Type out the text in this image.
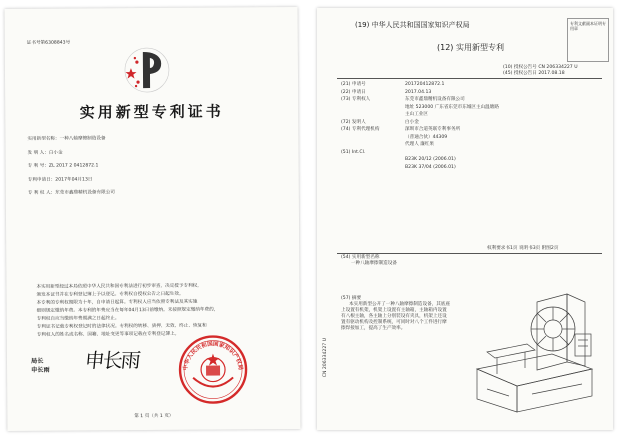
证书号第6308843号
实用新型专利证书
实用新型名称：一种八轴摩擦制造设备
发 明 人：白小金
专 利 号：ZL 2017 2 0412872.1
专利申请日：2017年04月13日
专 利 权 人：东莞市鑫鼎精机设备有限公司

本实用新型经过本局依照中华人民共和国专利法进行初步审查，决定授予专利权，

颁发本证书并在专利登记簿上予以登记。专利权自授权公告之日起生效。

本专利的专利权期限为十年，自申请日起算。专利权人应当依照专利法及其实施

细则规定缴纳年费。本专利的年费应当在每年04月13日前缴纳。未按照规定缴纳年费的，

专利权自应当缴纳年费期满之日起终止。

专利证书记载专利权登记时的法律状况。专利权的转移、质押、无效、终止、恢复和

专利权人的姓名或名称、国籍、地址变更等事项记载在专利登记簿上。

局长
申长雨 申长雨	中华人民共和国国家知识产权局
第 1 页（共 1 页）
(19) 中华人民共和国国家知识产权局
(12) 实用新型专利
专利文献副本证明专用章
(10) 授权公告号 CN 206334227 U
(45) 授权公告日 2017.08.18
(21) 申请号	201720412872.1
(22) 申请日	2017.04.13
(73) 专利权人	东莞市鑫鼎精机设备有限公司
地址 523000 广东省东莞市东城区主山温塘路
主山工业区
(72) 发明人	白小金
(74) 专利代理机构	深圳市合道英联专利事务所
（普通合伙）44309
代理人 廉红果
(51) Int.Cl.
B23K 20/12 (2006.01)
B23K 37/04 (2006.01)
权利要求书1页 说明书3页 附图2页
(54) 实用新型名称
一种八轴摩擦制造设备
(57) 摘要
本实用新型公开了一种八轴摩擦制造设备，其底座上设置有机架，机架上设置有主轴箱，主轴箱内设置有八根主轴，各主轴上分别装设有夹具，机架上还设置有驱动机构及控制系统，可同时对八个工件进行摩擦焊接加工，提高了生产效率。
CN 206334227 U
